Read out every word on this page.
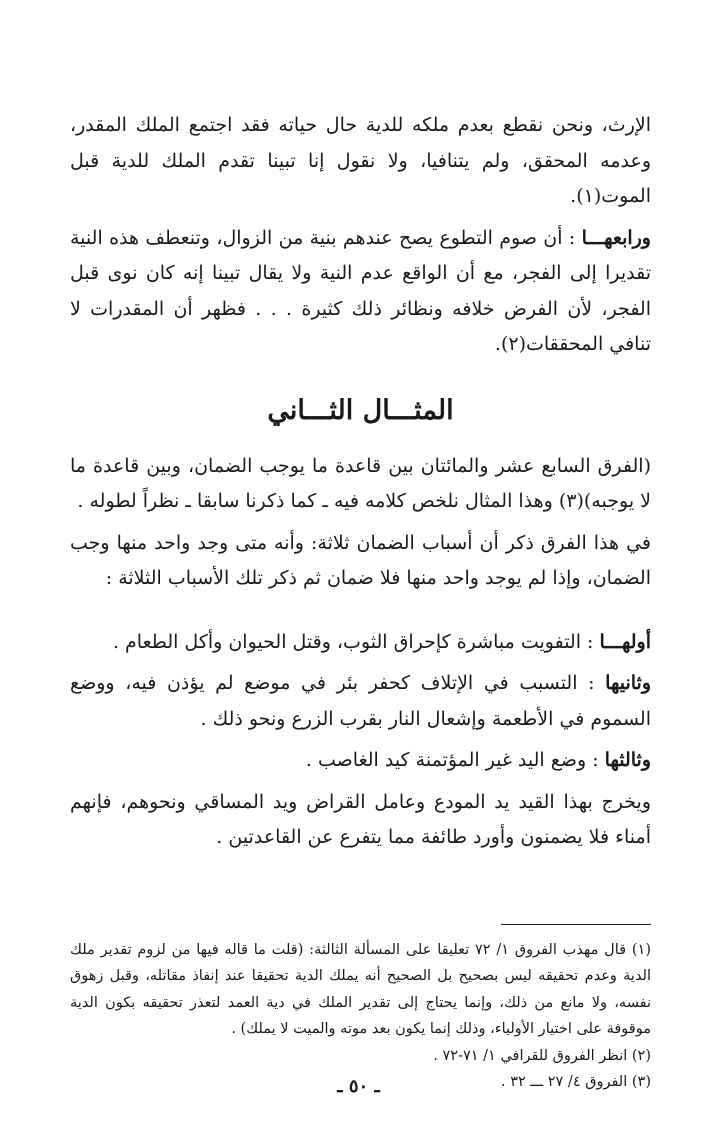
الإرث، ونحن نقطع بعدم ملكه للدية حال حياته فقد اجتمع الملك المقدر، وعدمه المحقق، ولم يتنافيا، ولا نقول إنا تبينا تقدم الملك للدية قبل الموت(١).

ورابعهـــا : أن صوم التطوع يصح عندهم بنية من الزوال، وتنعطف هذه النية تقديرا إلى الفجر، مع أن الواقع عدم النية ولا يقال تبينا إنه كان نوى قبل الفجر، لأن الفرض خلافه ونظائر ذلك كثيرة . . . فظهر أن المقدرات لا تنافي المحققات(٢).

المثـــال الثـــاني

(الفرق السابع عشر والمائتان بين قاعدة ما يوجب الضمان، وبين قاعدة ما لا يوجبه)(٣) وهذا المثال نلخص كلامه فيه ـ كما ذكرنا سابقا ـ نظراً لطوله .

في هذا الفرق ذكر أن أسباب الضمان ثلاثة: وأنه متى وجد واحد منها وجب الضمان، وإذا لم يوجد واحد منها فلا ضمان ثم ذكر تلك الأسباب الثلاثة :

أولهـــا : التفويت مباشرة كإحراق الثوب، وقتل الحيوان وأكل الطعام .

وثانيها : التسبب في الإتلاف كحفر بئر في موضع لم يؤذن فيه، ووضع السموم في الأطعمة وإشعال النار بقرب الزرع ونحو ذلك .

وثالثها : وضع اليد غير المؤتمنة كيد الغاصب .

ويخرج بهذا القيد يد المودع وعامل القراض ويد المساقي ونحوهم، فإنهم أمناء فلا يضمنون وأورد طائفة مما يتفرع عن القاعدتين .

(١) قال مهذب الفروق ١/ ٧٢ تعليقا على المسألة الثالثة: (قلت ما قاله فيها من لزوم تقدير ملك الدية وعدم تحقيقه ليس بصحيح بل الصحيح أنه يملك الدية تحقيقا عند إنفاذ مقاتله، وقبل زهوق نفسه، ولا مانع من ذلك، وإنما يحتاج إلى تقدير الملك في دية العمد لتعذر تحقيقه بكون الدية موقوفة على اختيار الأولياء، وذلك إنما يكون بعد موته والميت لا يملك) .

(٢) انظر الفروق للقرافي ١/ ٧١-٧٢ .

(٣) الفروق ٤/ ٢٧ ـــ ٣٢ .

ـ ٥٠ ـ
